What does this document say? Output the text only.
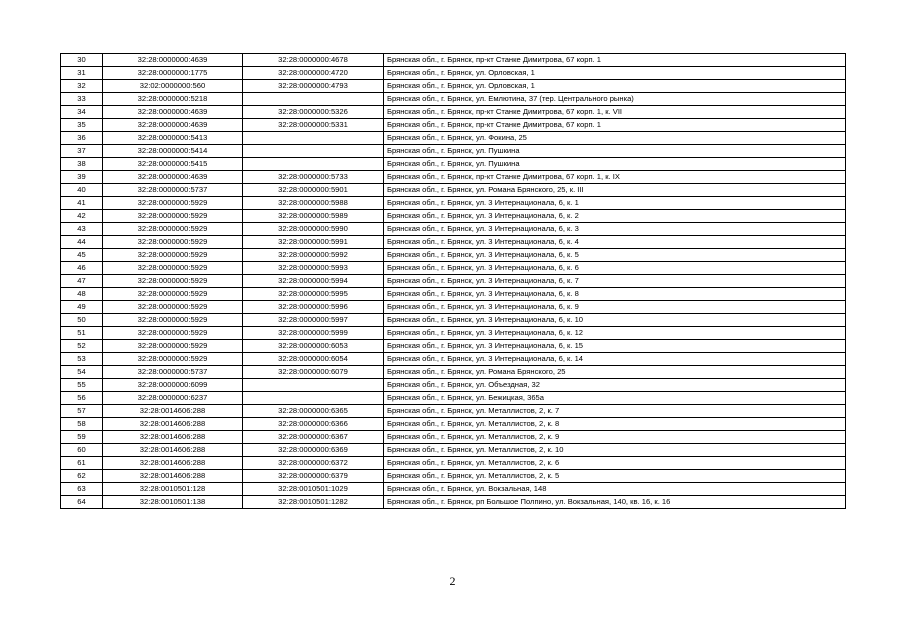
30	32:28:0000000:4639	32:28:0000000:4678	Брянская обл., г. Брянск, пр-кт Станке Димитрова, 67 корп. 1
31	32:28:0000000:1775	32:28:0000000:4720	Брянская обл., г. Брянск, ул. Орловская, 1
32	32:02:0000000:560	32:28:0000000:4793	Брянская обл., г. Брянск, ул. Орловская, 1
33	32:28:0000000:5218		Брянская обл., г. Брянск, ул. Емлютина, 37 (тер. Центрального рынка)
34	32:28:0000000:4639	32:28:0000000:5326	Брянская обл., г. Брянск, пр-кт Станке Димитрова, 67 корп. 1, к. VII
35	32:28:0000000:4639	32:28:0000000:5331	Брянская обл., г. Брянск, пр-кт Станке Димитрова, 67 корп. 1
36	32:28:0000000:5413		Брянская обл., г. Брянск, ул. Фокина, 25
37	32:28:0000000:5414		Брянская обл., г. Брянск, ул. Пушкина
38	32:28:0000000:5415		Брянская обл., г. Брянск, ул. Пушкина
39	32:28:0000000:4639	32:28:0000000:5733	Брянская обл., г. Брянск, пр-кт Станке Димитрова, 67 корп. 1, к. IX
40	32:28:0000000:5737	32:28:0000000:5901	Брянская обл., г. Брянск, ул. Романа Брянского, 25, к. III
41	32:28:0000000:5929	32:28:0000000:5988	Брянская обл., г. Брянск, ул. 3 Интернационала, 6, к. 1
42	32:28:0000000:5929	32:28:0000000:5989	Брянская обл., г. Брянск, ул. 3 Интернационала, 6, к. 2
43	32:28:0000000:5929	32:28:0000000:5990	Брянская обл., г. Брянск, ул. 3 Интернационала, 6, к. 3
44	32:28:0000000:5929	32:28:0000000:5991	Брянская обл., г. Брянск, ул. 3 Интернационала, 6, к. 4
45	32:28:0000000:5929	32:28:0000000:5992	Брянская обл., г. Брянск, ул. 3 Интернационала, 6, к. 5
46	32:28:0000000:5929	32:28:0000000:5993	Брянская обл., г. Брянск, ул. 3 Интернационала, 6, к. 6
47	32:28:0000000:5929	32:28:0000000:5994	Брянская обл., г. Брянск, ул. 3 Интернационала, 6, к. 7
48	32:28:0000000:5929	32:28:0000000:5995	Брянская обл., г. Брянск, ул. 3 Интернационала, 6, к. 8
49	32:28:0000000:5929	32:28:0000000:5996	Брянская обл., г. Брянск, ул. 3 Интернационала, 6, к. 9
50	32:28:0000000:5929	32:28:0000000:5997	Брянская обл., г. Брянск, ул. 3 Интернационала, 6, к. 10
51	32:28:0000000:5929	32:28:0000000:5999	Брянская обл., г. Брянск, ул. 3 Интернационала, 6, к. 12
52	32:28:0000000:5929	32:28:0000000:6053	Брянская обл., г. Брянск, ул. 3 Интернационала, 6, к. 15
53	32:28:0000000:5929	32:28:0000000:6054	Брянская обл., г. Брянск, ул. 3 Интернационала, 6, к. 14
54	32:28:0000000:5737	32:28:0000000:6079	Брянская обл., г. Брянск, ул. Романа Брянского, 25
55	32:28:0000000:6099		Брянская обл., г. Брянск, ул. Объездная, 32
56	32:28:0000000:6237		Брянская обл., г. Брянск, ул. Бежицкая, 365а
57	32:28:0014606:288	32:28:0000000:6365	Брянская обл., г. Брянск, ул. Металлистов, 2, к. 7
58	32:28:0014606:288	32:28:0000000:6366	Брянская обл., г. Брянск, ул. Металлистов, 2, к. 8
59	32:28:0014606:288	32:28:0000000:6367	Брянская обл., г. Брянск, ул. Металлистов, 2, к. 9
60	32:28:0014606:288	32:28:0000000:6369	Брянская обл., г. Брянск, ул. Металлистов, 2, к. 10
61	32:28:0014606:288	32:28:0000000:6372	Брянская обл., г. Брянск, ул. Металлистов, 2, к. 6
62	32:28:0014606:288	32:28:0000000:6379	Брянская обл., г. Брянск, ул. Металлистов, 2, к. 5
63	32:28:0010501:128	32:28:0010501:1029	Брянская обл., г. Брянск, ул. Вокзальная, 148
64	32:28:0010501:138	32:28:0010501:1282	Брянская обл., г. Брянск, рп Большое Полпино, ул. Вокзальная, 140, кв. 16, к. 16
2
